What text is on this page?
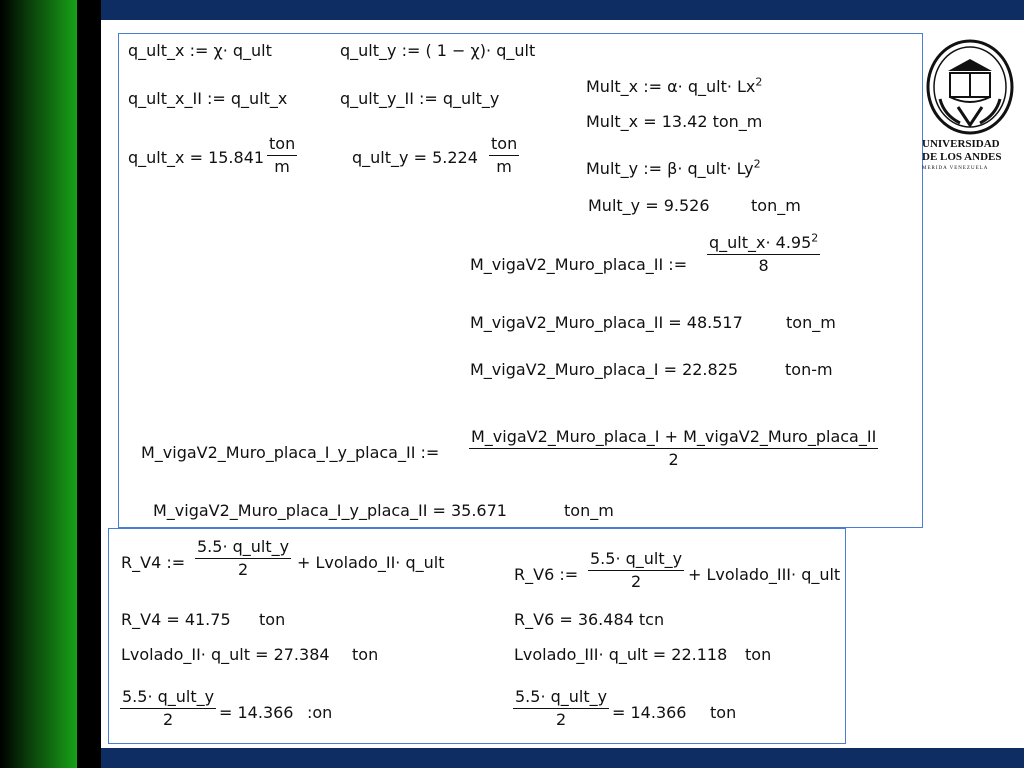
q_ult_x := χ· q_ult	q_ult_y := ( 1 − χ)· q_ult
q_ult_x_II := q_ult_x	q_ult_y_II := q_ult_y
q_ult_x = 15.841
ton
m	q_ult_y = 5.224
ton
m
Mult_x := α· q_ult· $Lx^2$
Mult_x = 13.42 ton_m
Mult_y := β· q_ult· $Ly^2$
Mult_y = 9.526	ton_m
M_vigaV2_Muro_placa_II :=
q_ult_x· $4.95^2$
8
M_vigaV2_Muro_placa_II = 48.517	ton_m
M_vigaV2_Muro_placa_I = 22.825	ton-m
M_vigaV2_Muro_placa_I_y_placa_II :=
M_vigaV2_Muro_placa_I + M_vigaV2_Muro_placa_II
2
M_vigaV2_Muro_placa_I_y_placa_II = 35.671	ton_m
R_V4 :=
5.5· q_ult_y
2	+ Lvolado_II· q_ult
R_V6 :=
5.5· q_ult_y
2	+ Lvolado_III· q_ult
R_V4 = 41.75 ton	R_V6 = 36.484 tcn
Lvolado_II· q_ult = 27.384 ton	Lvolado_III· q_ult = 22.118 ton
5.5· q_ult_y
2	= 14.366 :on
5.5· q_ult_y
2	= 14.366 ton
UNIVERSIDAD
DE LOS ANDES
MERIDA VENEZUELA
